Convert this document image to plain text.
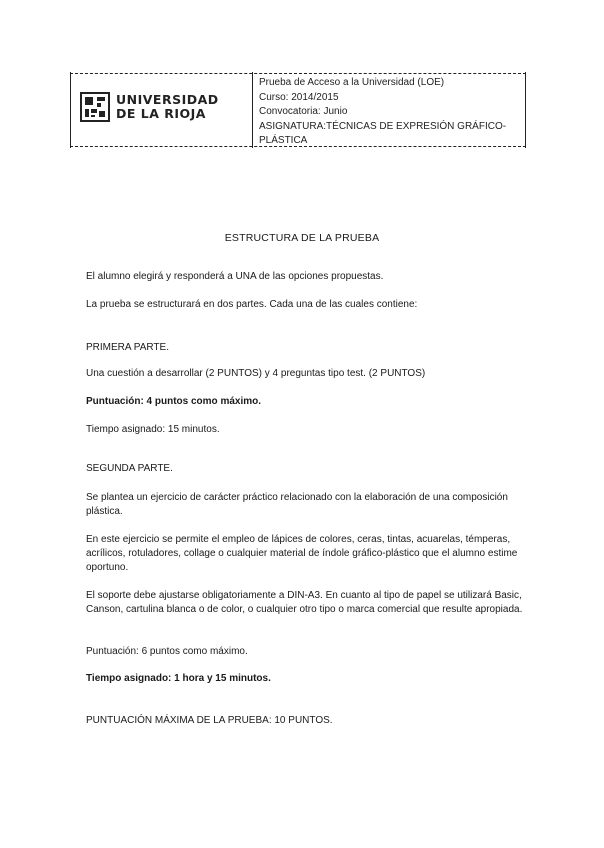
UNIVERSIDAD
DE LA RIOJA
Prueba de Acceso a la Universidad (LOE)
Curso: 2014/2015
Convocatoria: Junio
ASIGNATURA:TÉCNICAS DE EXPRESIÓN GRÁFICO-PLÁSTICA
ESTRUCTURA DE LA PRUEBA
El alumno elegirá y responderá a UNA de las opciones propuestas.
La prueba se estructurará en dos partes. Cada una de las cuales contiene:
PRIMERA PARTE.
Una cuestión a desarrollar (2 PUNTOS) y 4 preguntas tipo test. (2 PUNTOS)
Puntuación: 4 puntos como máximo.
Tiempo asignado: 15 minutos.
SEGUNDA PARTE.
Se plantea un ejercicio de carácter práctico relacionado con la elaboración de una composición plástica.
En este ejercicio se permite el empleo de lápices de colores, ceras, tintas, acuarelas, témperas, acrílicos, rotuladores, collage o cualquier material de índole gráfico-plástico que el alumno estime oportuno.
El soporte debe ajustarse obligatoriamente a DIN-A3. En cuanto al tipo de papel se utilizará Basic, Canson, cartulina blanca o de color, o cualquier otro tipo o marca comercial que resulte apropiada.
Puntuación: 6 puntos como máximo.
Tiempo asignado: 1 hora y 15 minutos.
PUNTUACIÓN MÁXIMA DE LA PRUEBA: 10 PUNTOS.
